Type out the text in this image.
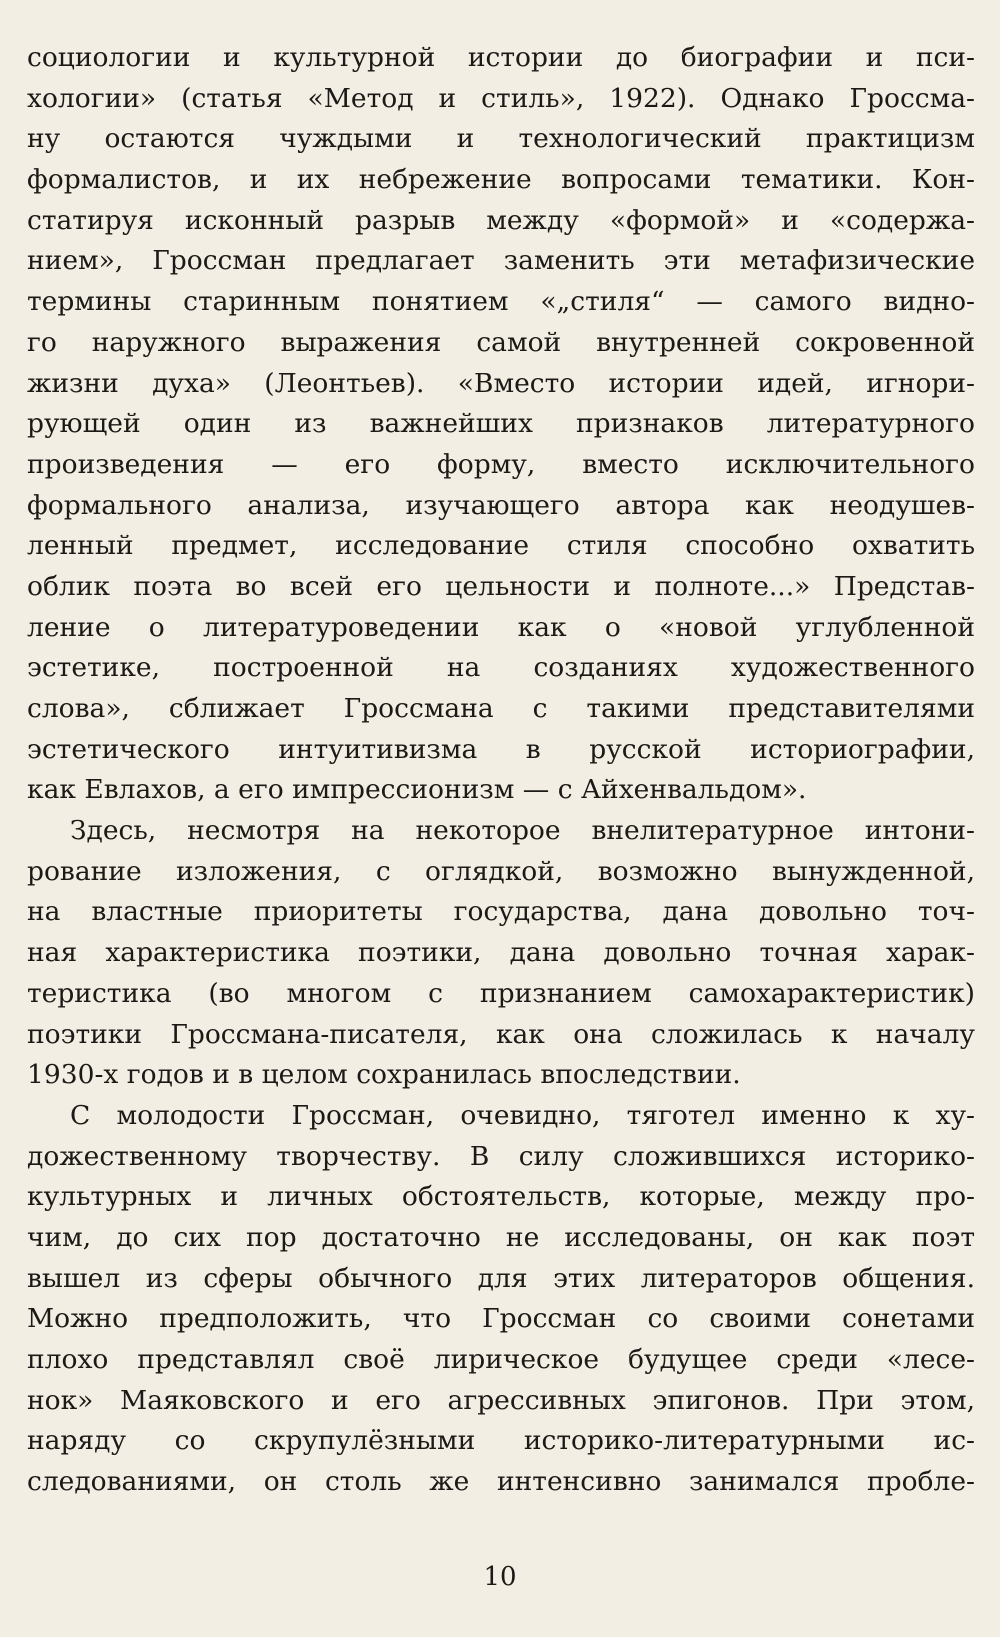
социологии и культурной истории до биографии и пси-
хологии» (статья «Метод и стиль», 1922). Однако Гроссма-
ну остаются чуждыми и технологический практицизм
формалистов, и их небрежение вопросами тематики. Кон-
статируя исконный разрыв между «формой» и «содержа-
нием», Гроссман предлагает заменить эти метафизические
термины старинным понятием «„стиля“ — самого видно-
го наружного выражения самой внутренней сокровенной
жизни духа» (Леонтьев). «Вместо истории идей, игнори-
рующей один из важнейших признаков литературного
произведения — его форму, вместо исключительного
формального анализа, изучающего автора как неодушев-
ленный предмет, исследование стиля способно охватить
облик поэта во всей его цельности и полноте...» Представ-
ление о литературоведении как о «новой углубленной
эстетике, построенной на созданиях художественного
слова», сближает Гроссмана с такими представителями
эстетического интуитивизма в русской историографии,
как Евлахов, а его импрессионизм — с Айхенвальдом».
Здесь, несмотря на некоторое внелитературное интони-
рование изложения, с оглядкой, возможно вынужденной,
на властные приоритеты государства, дана довольно точ-
ная характеристика поэтики, дана довольно точная харак-
теристика (во многом с признанием самохарактеристик)
поэтики Гроссмана-писателя, как она сложилась к началу
1930-х годов и в целом сохранилась впоследствии.
С молодости Гроссман, очевидно, тяготел именно к ху-
дожественному творчеству. В силу сложившихся историко-
культурных и личных обстоятельств, которые, между про-
чим, до сих пор достаточно не исследованы, он как поэт
вышел из сферы обычного для этих литераторов общения.
Можно предположить, что Гроссман со своими сонетами
плохо представлял своё лирическое будущее среди «лесе-
нок» Маяковского и его агрессивных эпигонов. При этом,
наряду со скрупулёзными историко-литературными ис-
следованиями, он столь же интенсивно занимался пробле-
10
